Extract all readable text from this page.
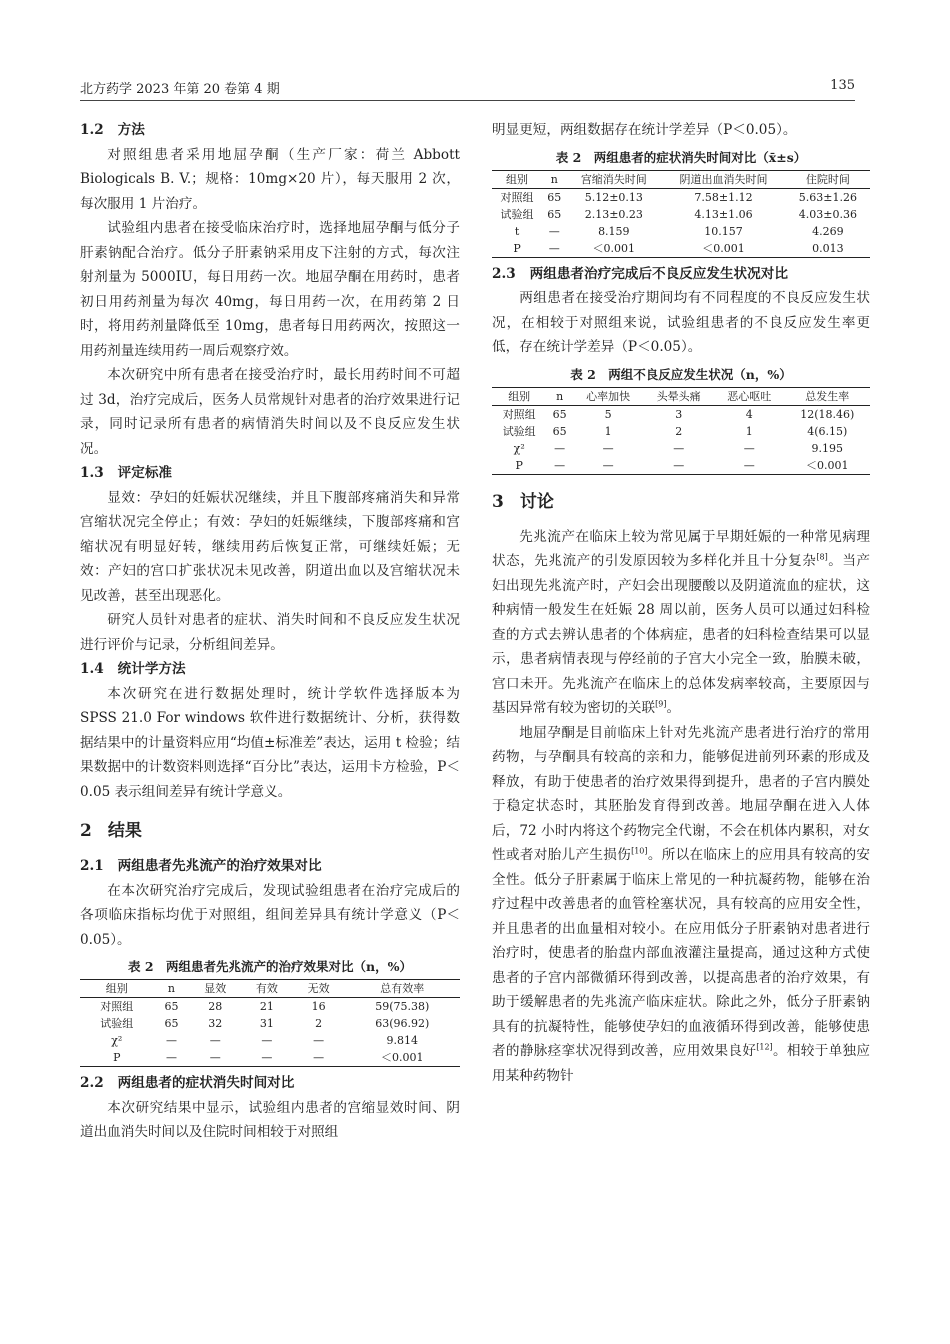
北方药学 2023 年第 20 卷第 4 期	135
1.2 方法

对照组患者采用地屈孕酮（生产厂家：荷兰 Abbott Biologicals B. V.；规格：10mg×20 片），每天服用 2 次，每次服用 1 片治疗。

试验组内患者在接受临床治疗时，选择地屈孕酮与低分子肝素钠配合治疗。低分子肝素钠采用皮下注射的方式，每次注射剂量为 5000IU，每日用药一次。地屈孕酮在用药时，患者初日用药剂量为每次 40mg，每日用药一次，在用药第 2 日时，将用药剂量降低至 10mg，患者每日用药两次，按照这一用药剂量连续用药一周后观察疗效。

本次研究中所有患者在接受治疗时，最长用药时间不可超过 3d，治疗完成后，医务人员常规针对患者的治疗效果进行记录，同时记录所有患者的病情消失时间以及不良反应发生状况。

1.3 评定标准

显效：孕妇的妊娠状况继续，并且下腹部疼痛消失和异常宫缩状况完全停止；有效：孕妇的妊娠继续，下腹部疼痛和宫缩状况有明显好转，继续用药后恢复正常，可继续妊娠；无效：产妇的宫口扩张状况未见改善，阴道出血以及宫缩状况未见改善，甚至出现恶化。

研究人员针对患者的症状、消失时间和不良反应发生状况进行评价与记录，分析组间差异。

1.4 统计学方法

本次研究在进行数据处理时，统计学软件选择版本为 SPSS 21.0 For windows 软件进行数据统计、分析，获得数据结果中的计量资料应用“均值±标准差”表达，运用 t 检验；结果数据中的计数资料则选择“百分比”表达，运用卡方检验，P＜0.05 表示组间差异有统计学意义。

2 结果
2.1 两组患者先兆流产的治疗效果对比

在本次研究治疗完成后，发现试验组患者在治疗完成后的各项临床指标均优于对照组，组间差异具有统计学意义（P＜0.05）。

表 2　两组患者先兆流产的治疗效果对比（n，%）
组别	n	显效	有效	无效	总有效率
对照组	65	28	21	16	59(75.38)
试验组	65	32	31	2	63(96.92)
χ²	—	—	—	—	9.814
P	—	—	—	—	＜0.001
2.2 两组患者的症状消失时间对比

本次研究结果中显示，试验组内患者的宫缩显效时间、阴道出血消失时间以及住院时间相较于对照组

明显更短，两组数据存在统计学差异（P＜0.05）。

表 2　两组患者的症状消失时间对比（x̄±s）
组别	n	宫缩消失时间	阴道出血消失时间	住院时间
对照组	65	5.12±0.13	7.58±1.12	5.63±1.26
试验组	65	2.13±0.23	4.13±1.06	4.03±0.36
t	—	8.159	10.157	4.269
P	—	＜0.001	＜0.001	0.013
2.3 两组患者治疗完成后不良反应发生状况对比

两组患者在接受治疗期间均有不同程度的不良反应发生状况，在相较于对照组来说，试验组患者的不良反应发生率更低，存在统计学差异（P＜0.05）。

表 2　两组不良反应发生状况（n，%）
组别	n	心率加快	头晕头痛	恶心呕吐	总发生率
对照组	65	5	3	4	12(18.46)
试验组	65	1	2	1	4(6.15)
χ²	—	—	—	—	9.195
P	—	—	—	—	＜0.001
3 讨论

先兆流产在临床上较为常见属于早期妊娠的一种常见病理状态，先兆流产的引发原因较为多样化并且十分复杂[8]。当产妇出现先兆流产时，产妇会出现腰酸以及阴道流血的症状，这种病情一般发生在妊娠 28 周以前，医务人员可以通过妇科检查的方式去辨认患者的个体病症，患者的妇科检查结果可以显示，患者病情表现与停经前的子宫大小完全一致，胎膜未破，宫口未开。先兆流产在临床上的总体发病率较高，主要原因与基因异常有较为密切的关联[9]。

地屈孕酮是目前临床上针对先兆流产患者进行治疗的常用药物，与孕酮具有较高的亲和力，能够促进前列环素的形成及释放，有助于使患者的治疗效果得到提升，患者的子宫内膜处于稳定状态时，其胚胎发育得到改善。地屈孕酮在进入人体后，72 小时内将这个药物完全代谢，不会在机体内累积，对女性或者对胎儿产生损伤[10]。所以在临床上的应用具有较高的安全性。低分子肝素属于临床上常见的一种抗凝药物，能够在治疗过程中改善患者的血管栓塞状况，具有较高的应用安全性，并且患者的出血量相对较小。在应用低分子肝素钠对患者进行治疗时，使患者的胎盘内部血液灌注量提高，通过这种方式使患者的子宫内部微循环得到改善，以提高患者的治疗效果，有助于缓解患者的先兆流产临床症状。除此之外，低分子肝素钠具有的抗凝特性，能够使孕妇的血液循环得到改善，能够使患者的静脉痉挛状况得到改善，应用效果良好[12]。相较于单独应用某种药物针
